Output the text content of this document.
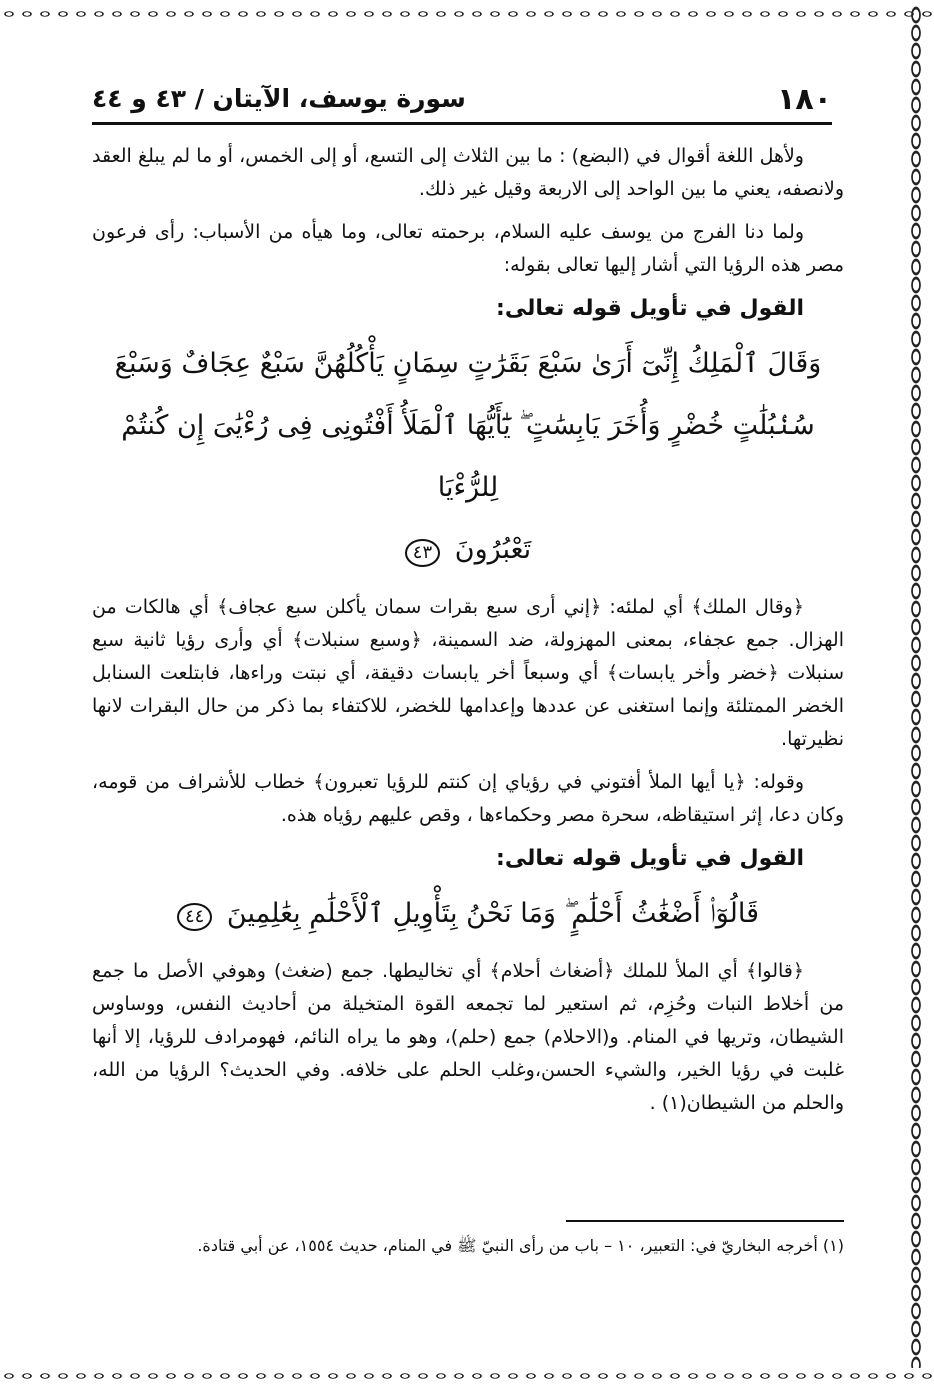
١٨٠
سورة يوسف، الآيتان / ٤٣ و ٤٤

ولأهل اللغة أقوال في (البضع) : ما بين الثلاث إلى التسع، أو إلى الخمس، أو ما لم يبلغ العقد ولانصفه، يعني ما بين الواحد إلى الاربعة وقيل غير ذلك.

ولما دنا الفرج من يوسف عليه السلام، برحمته تعالى، وما هيأه من الأسباب: رأى فرعون مصر هذه الرؤيا التي أشار إليها تعالى بقوله:

القول في تأويل قوله تعالى:
وَقَالَ ٱلْمَلِكُ إِنِّىٓ أَرَىٰ سَبْعَ بَقَرَٰتٍ سِمَانٍ يَأْكُلُهُنَّ سَبْعٌ عِجَافٌ وَسَبْعَ
سُنۢبُلَٰتٍ خُضْرٍ وَأُخَرَ يَابِسَٰتٍ ۖ يَٰٓأَيُّهَا ٱلْمَلَأُ أَفْتُونِى فِى رُءْيَٰىَ إِن كُنتُمْ لِلرُّءْيَا
تَعْبُرُونَ ٤٣

﴿وقال الملك﴾ أي لملئه: ﴿إني أرى سبع بقرات سمان يأكلن سبع عجاف﴾ أي هالكات من الهزال. جمع عجفاء، بمعنى المهزولة، ضد السمينة، ﴿وسبع سنبلات﴾ أي وأرى رؤيا ثانية سبع سنبلات ﴿خضر وأخر يابسات﴾ أي وسبعاً أخر يابسات دقيقة، أي نبتت وراءها، فابتلعت السنابل الخضر الممتلئة وإنما استغنى عن عددها وإعدامها للخضر، للاكتفاء بما ذكر من حال البقرات لانها نظيرتها.

وقوله: ﴿يا أيها الملأ أفتوني في رؤياي إن كنتم للرؤيا تعبرون﴾ خطاب للأشراف من قومه، وكان دعا، إثر استيقاظه، سحرة مصر وحكماءها ، وقص عليهم رؤياه هذه.

القول في تأويل قوله تعالى:
قَالُوٓا۟ أَضْغَٰثُ أَحْلَٰمٍ ۖ وَمَا نَحْنُ بِتَأْوِيلِ ٱلْأَحْلَٰمِ بِعَٰلِمِينَ ٤٤

﴿قالوا﴾ أي الملأ للملك ﴿أضغاث أحلام﴾ أي تخاليطها. جمع (ضغث) وهوفي الأصل ما جمع من أخلاط النبات وحُزِم، ثم استعير لما تجمعه القوة المتخيلة من أحاديث النفس، ووساوس الشيطان، وتريها في المنام. و(الاحلام) جمع (حلم)، وهو ما يراه النائم، فهومرادف للرؤيا، إلا أنها غلبت في رؤيا الخير، والشيء الحسن،وغلب الحلم على خلافه. وفي الحديث؟ الرؤيا من الله، والحلم من الشيطان(١) .

(١) أخرجه البخاريّ في: التعبير، ١٠ – باب من رأى النبيّ ﷺ في المنام، حديث ١٥٥٤، عن أبي قتادة.
